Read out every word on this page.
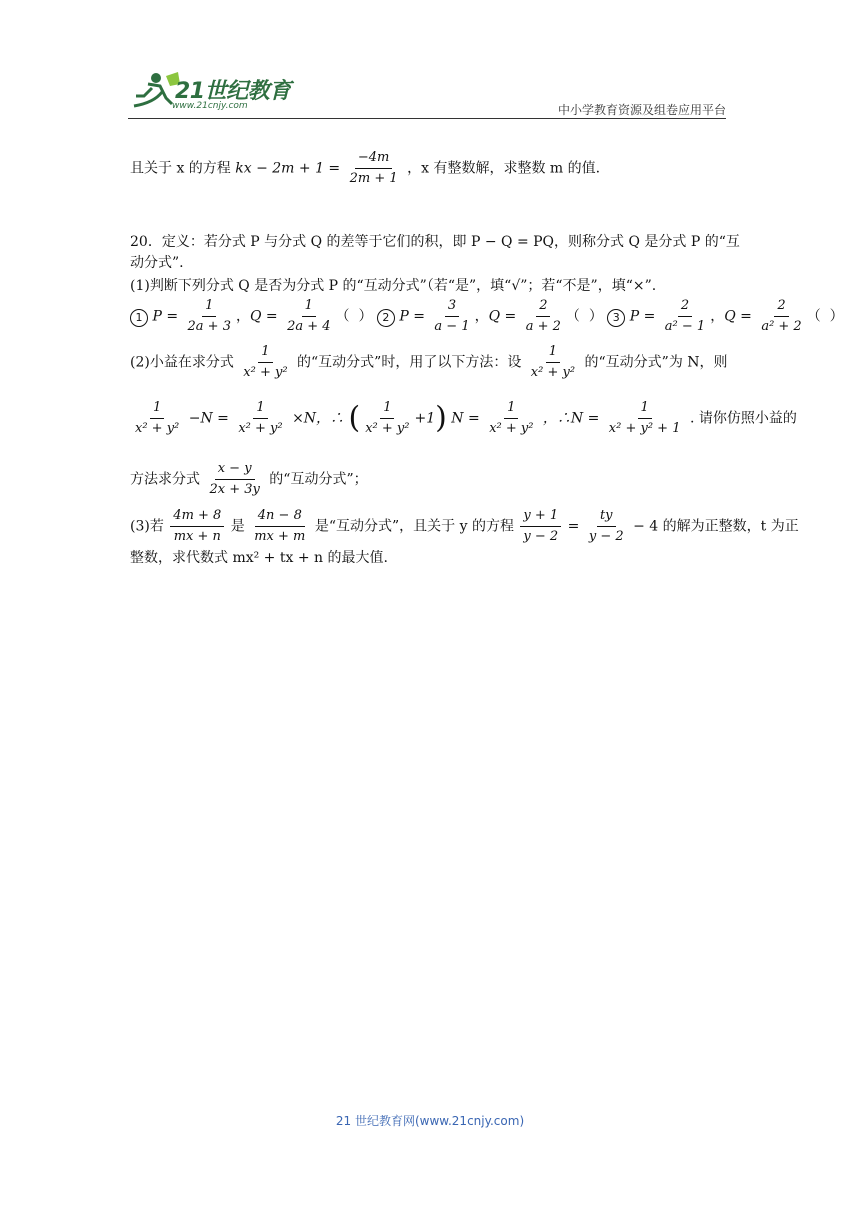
21世纪教育
www.21cnjy.com	中小学教育资源及组卷应用平台
且关于 x 的方程 kx − $2m + 1 = \frac{-4m}{2m + 1}$ ，x 有整数解，求整数 m 的值.
20．定义：若分式 P 与分式 Q 的差等于它们的积，即 P − Q = PQ，则称分式 Q 是分式 P 的“互
动分式”.
(1)判断下列分式 Q 是否为分式 P 的“互动分式”（若“是”，填“√”；若“不是”，填“×”.
1 $P = \frac{1}{2a + 3}$ ，$Q = \frac{1}{2a + 4}$ （  ） 2 $P = \frac{3}{a - 1}$ ，$Q = \frac{2}{a + 2}$ （  ） 3 $P = \frac{2}{\text{a² − 1}}$ ，$Q = \frac{2}{\text{a² + 2}}$ （  ）
(2)小益在求分式 $\frac{1}{\text{x² + y²}}$ 的“互动分式”时，用了以下方法：设 $\frac{1}{\text{x² + y²}}$ 的“互动分式”为 N，则
$\frac{1}{\text{x² + y²}} -N = \frac{1}{\text{x² + y²}} \times N$，∴ ( $\frac{1}{\text{x² + y²}} +1$) $N = \frac{1}{\text{x² + y²}}$ ，∴N = $\frac{1}{\text{x² + y² + 1}}$ . 请你仿照小益的
方法求分式 $\frac{x - y}{2x + 3y}$ 的“互动分式”；
(3)若 $\frac{4m + 8}{mx + n}$ 是 $\frac{4n - 8}{mx + m}$ 是“互动分式”，且关于 y 的方程 $\frac{y + 1}{y - 2} = \frac{ty}{y - 2} - 4$ 的解为正整数，t 为正
整数，求代数式 mx² + tx + n 的最大值.
21 世纪教育网(www.21cnjy.com)
